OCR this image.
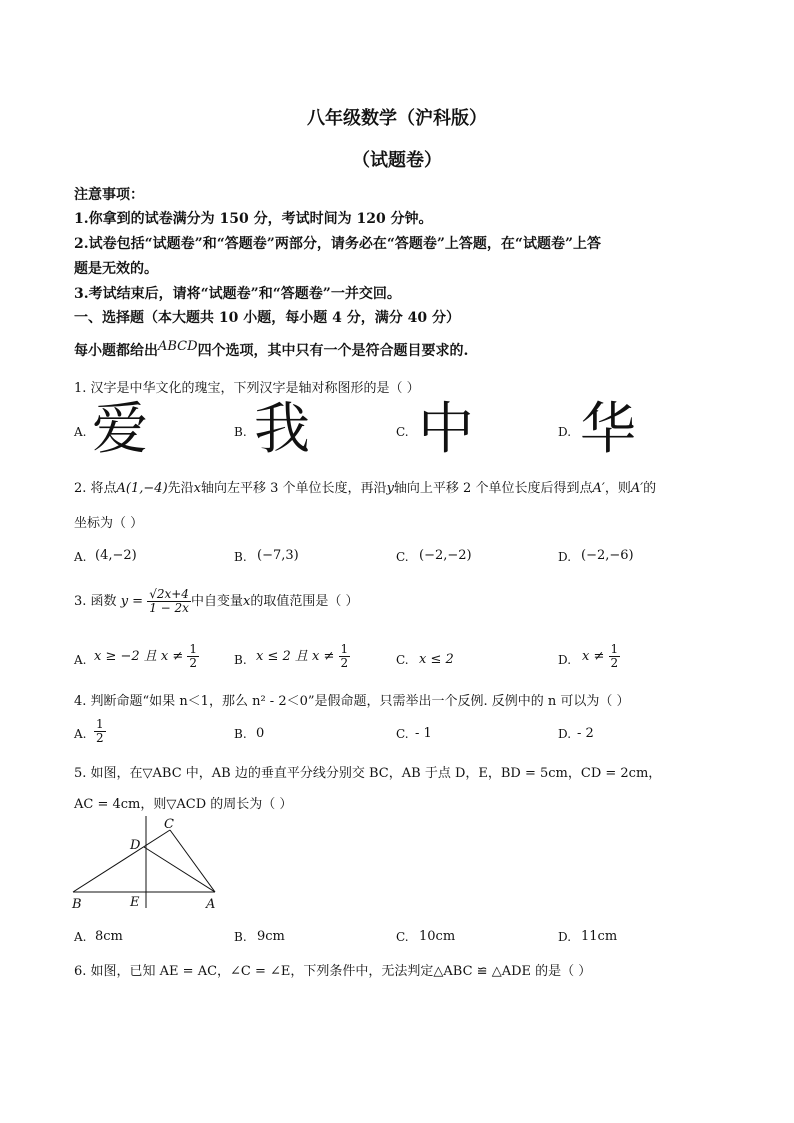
八年级数学（沪科版）
（试题卷）
注意事项：
1.你拿到的试卷满分为 150 分，考试时间为 120 分钟。
2.试卷包括“试题卷”和“答题卷”两部分，请务必在“答题卷”上答题，在“试题卷”上答
题是无效的。
3.考试结束后，请将“试题卷”和“答题卷”一并交回。
一、选择题（本大题共 10 小题，每小题 4 分，满分 40 分）
每小题都给出ABCD四个选项，其中只有一个是符合题目要求的.
1. 汉字是中华文化的瑰宝，下列汉字是轴对称图形的是（ ）
A. 爱	B. 我	C. 中	D. 华
2. 将点A(1,−4)先沿x轴向左平移 3 个单位长度，再沿y轴向上平移 2 个单位长度后得到点A′，则A′的
坐标为（ ）
A. (4,−2)	B. (−7,3)	C. (−2,−2)	D. (−2,−6)
3. 函数 $y = \frac{√2x+4}{1 - 2x}$ 中自变量x的取值范围是（ ）
A. x ≥ −2 且 $x \ne \frac{1}{2}$	B. x ≤ 2 且 $x \ne \frac{1}{2}$	C. x ≤ 2	D. $x \ne \frac{1}{2}$
4. 判断命题“如果 n＜1，那么 n² - 2＜0”是假命题，只需举出一个反例. 反例中的 n 可以为（ ）
A. $\frac{1}{2}$	B. 0	C. - 1	D. - 2
5. 如图，在▽ABC 中，AB 边的垂直平分线分别交 BC，AB 于点 D，E，BD = 5cm，CD = 2cm，
AC = 4cm，则▽ACD 的周长为（ ）
C
D
B	E	A
A. 8cm	B. 9cm	C. 10cm	D. 11cm
6. 如图，已知 AE = AC，∠C = ∠E，下列条件中，无法判定△ABC ≌ △ADE 的是（ ）
